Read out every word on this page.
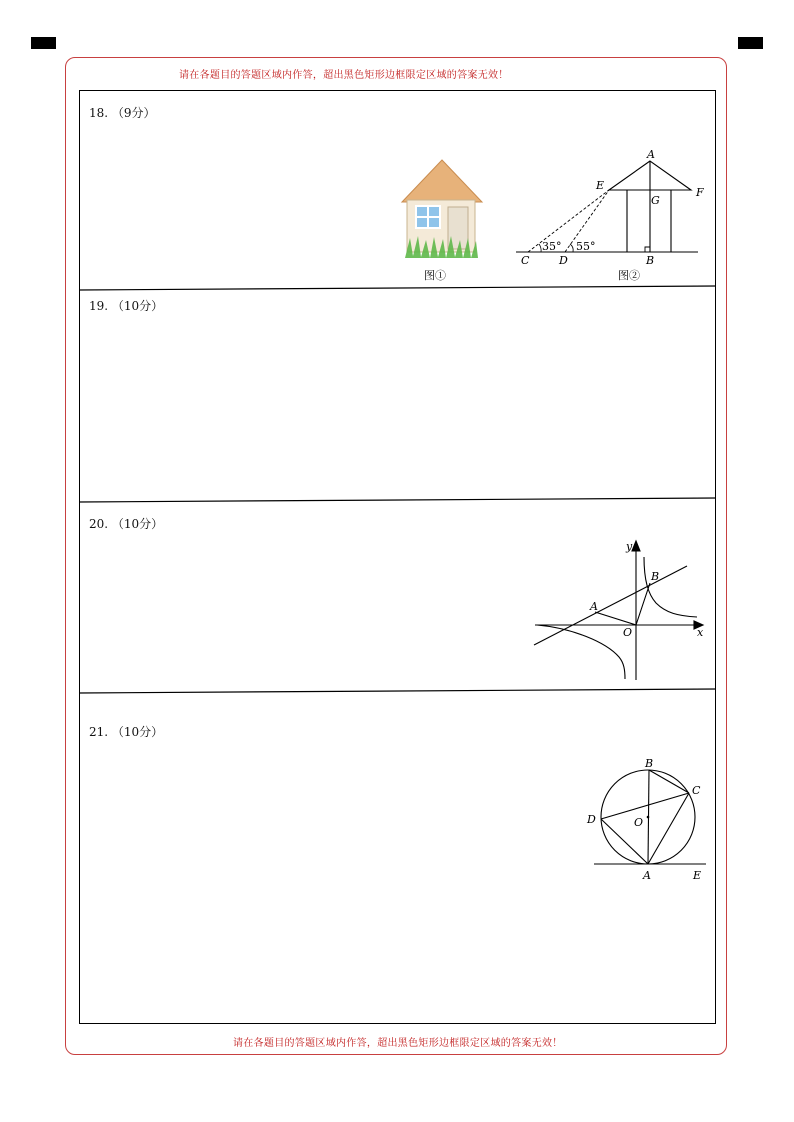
请在各题目的答题区域内作答，超出黑色矩形边框限定区域的答案无效！
请在各题目的答题区域内作答，超出黑色矩形边框限定区域的答案无效！
18. （9分）
19. （10分）
20. （10分）
21. （10分）
图①
A
E
F
G
C	D	B
35° 55°
图②
y
x
O
A
B
B
C
D	O
A	E
